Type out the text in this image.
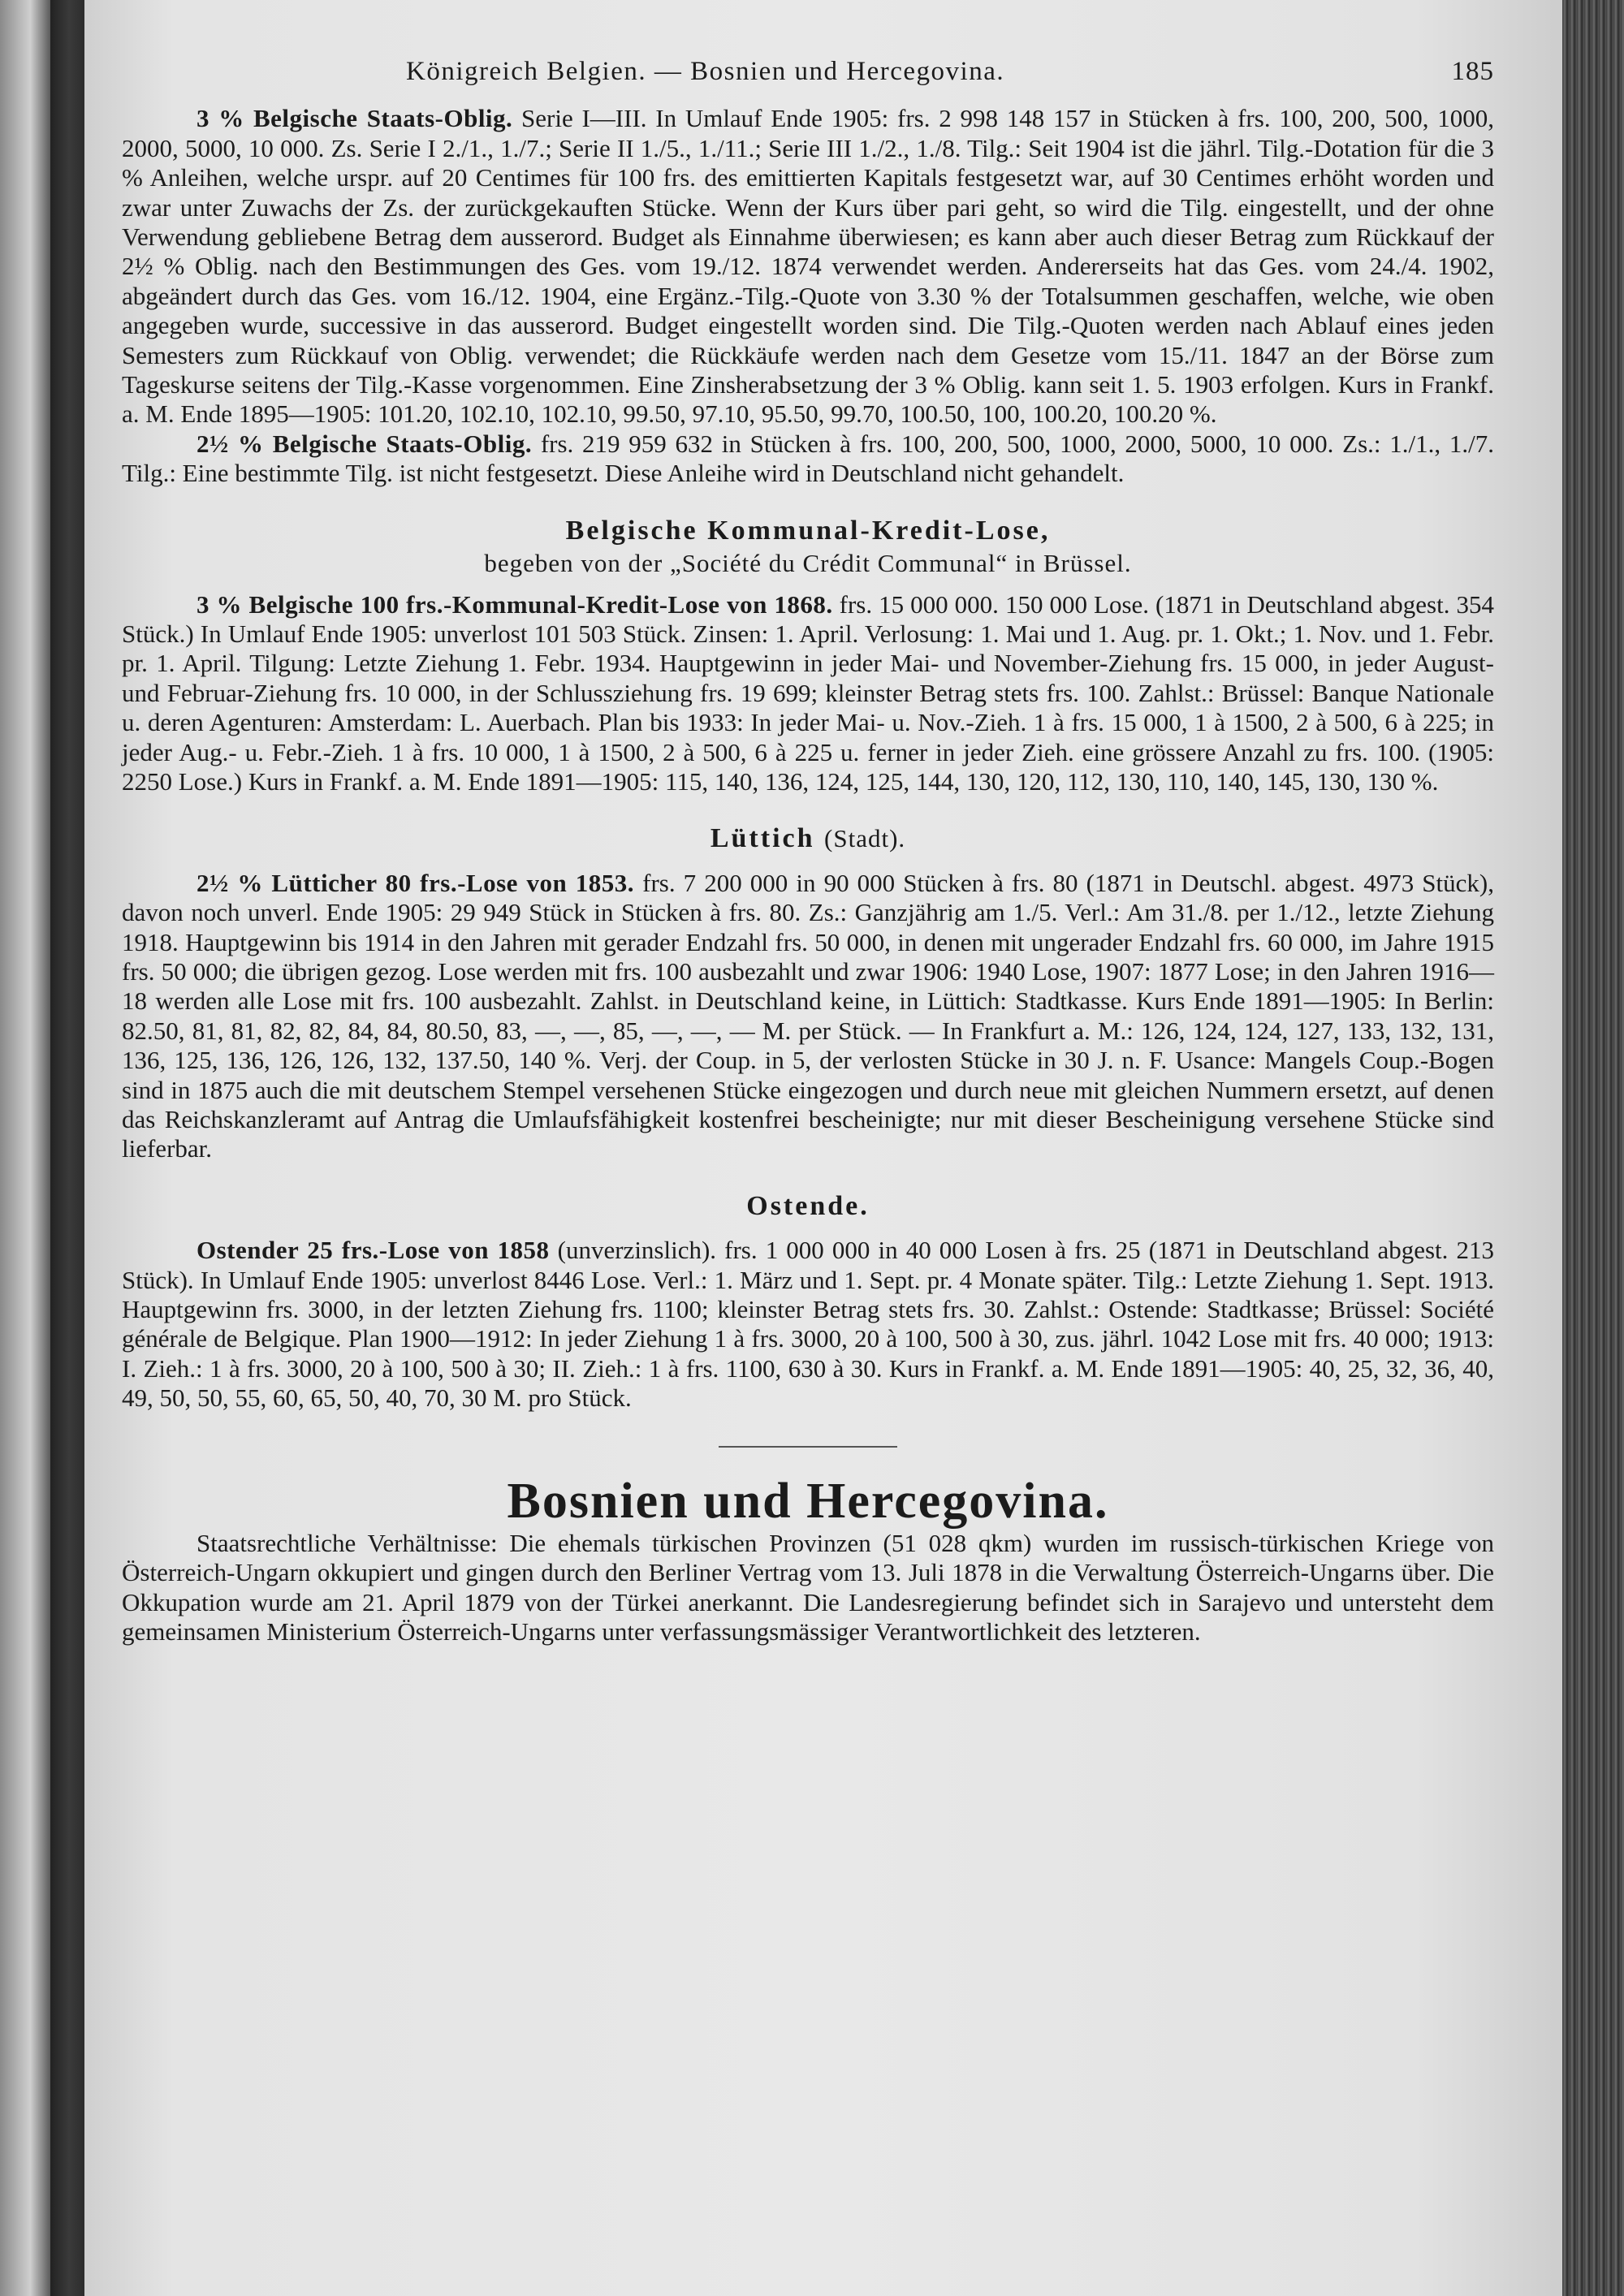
Königreich Belgien. — Bosnien und Hercegovina.	185

3 % Belgische Staats-Oblig. Serie I—III. In Umlauf Ende 1905: frs. 2 998 148 157 in Stücken à frs. 100, 200, 500, 1000, 2000, 5000, 10 000. Zs. Serie I 2./1., 1./7.; Serie II 1./5., 1./11.; Serie III 1./2., 1./8. Tilg.: Seit 1904 ist die jährl. Tilg.-Dotation für die 3 % Anleihen, welche urspr. auf 20 Centimes für 100 frs. des emittierten Kapitals festgesetzt war, auf 30 Centimes erhöht worden und zwar unter Zuwachs der Zs. der zurückgekauften Stücke. Wenn der Kurs über pari geht, so wird die Tilg. eingestellt, und der ohne Verwendung gebliebene Betrag dem ausserord. Budget als Einnahme überwiesen; es kann aber auch dieser Betrag zum Rückkauf der 2½ % Oblig. nach den Bestimmungen des Ges. vom 19./12. 1874 verwendet werden. Andererseits hat das Ges. vom 24./4. 1902, abgeändert durch das Ges. vom 16./12. 1904, eine Ergänz.-Tilg.-Quote von 3.30 % der Totalsummen geschaffen, welche, wie oben angegeben wurde, successive in das ausserord. Budget eingestellt worden sind. Die Tilg.-Quoten werden nach Ablauf eines jeden Semesters zum Rückkauf von Oblig. verwendet; die Rückkäufe werden nach dem Gesetze vom 15./11. 1847 an der Börse zum Tageskurse seitens der Tilg.-Kasse vorgenommen. Eine Zinsherabsetzung der 3 % Oblig. kann seit 1. 5. 1903 erfolgen. Kurs in Frankf. a. M. Ende 1895—1905: 101.20, 102.10, 102.10, 99.50, 97.10, 95.50, 99.70, 100.50, 100, 100.20, 100.20 %.

2½ % Belgische Staats-Oblig. frs. 219 959 632 in Stücken à frs. 100, 200, 500, 1000, 2000, 5000, 10 000. Zs.: 1./1., 1./7. Tilg.: Eine bestimmte Tilg. ist nicht festgesetzt. Diese Anleihe wird in Deutschland nicht gehandelt.

Belgische Kommunal-Kredit-Lose,
begeben von der „Société du Crédit Communal“ in Brüssel.

3 % Belgische 100 frs.-Kommunal-Kredit-Lose von 1868. frs. 15 000 000. 150 000 Lose. (1871 in Deutschland abgest. 354 Stück.) In Umlauf Ende 1905: unverlost 101 503 Stück. Zinsen: 1. April. Verlosung: 1. Mai und 1. Aug. pr. 1. Okt.; 1. Nov. und 1. Febr. pr. 1. April. Tilgung: Letzte Ziehung 1. Febr. 1934. Hauptgewinn in jeder Mai- und November-Ziehung frs. 15 000, in jeder August- und Februar-Ziehung frs. 10 000, in der Schlussziehung frs. 19 699; kleinster Betrag stets frs. 100. Zahlst.: Brüssel: Banque Nationale u. deren Agenturen: Amsterdam: L. Auerbach. Plan bis 1933: In jeder Mai- u. Nov.-Zieh. 1 à frs. 15 000, 1 à 1500, 2 à 500, 6 à 225; in jeder Aug.- u. Febr.-Zieh. 1 à frs. 10 000, 1 à 1500, 2 à 500, 6 à 225 u. ferner in jeder Zieh. eine grössere Anzahl zu frs. 100. (1905: 2250 Lose.) Kurs in Frankf. a. M. Ende 1891—1905: 115, 140, 136, 124, 125, 144, 130, 120, 112, 130, 110, 140, 145, 130, 130 %.

Lüttich (Stadt).

2½ % Lütticher 80 frs.-Lose von 1853. frs. 7 200 000 in 90 000 Stücken à frs. 80 (1871 in Deutschl. abgest. 4973 Stück), davon noch unverl. Ende 1905: 29 949 Stück in Stücken à frs. 80. Zs.: Ganzjährig am 1./5. Verl.: Am 31./8. per 1./12., letzte Ziehung 1918. Hauptgewinn bis 1914 in den Jahren mit gerader Endzahl frs. 50 000, in denen mit ungerader Endzahl frs. 60 000, im Jahre 1915 frs. 50 000; die übrigen gezog. Lose werden mit frs. 100 ausbezahlt und zwar 1906: 1940 Lose, 1907: 1877 Lose; in den Jahren 1916—18 werden alle Lose mit frs. 100 ausbezahlt. Zahlst. in Deutschland keine, in Lüttich: Stadtkasse. Kurs Ende 1891—1905: In Berlin: 82.50, 81, 81, 82, 82, 84, 84, 80.50, 83, —, —, 85, —, —, — M. per Stück. — In Frankfurt a. M.: 126, 124, 124, 127, 133, 132, 131, 136, 125, 136, 126, 126, 132, 137.50, 140 %. Verj. der Coup. in 5, der verlosten Stücke in 30 J. n. F. Usance: Mangels Coup.-Bogen sind in 1875 auch die mit deutschem Stempel versehenen Stücke eingezogen und durch neue mit gleichen Nummern ersetzt, auf denen das Reichskanzleramt auf Antrag die Umlaufsfähigkeit kostenfrei bescheinigte; nur mit dieser Bescheinigung versehene Stücke sind lieferbar.

Ostende.

Ostender 25 frs.-Lose von 1858 (unverzinslich). frs. 1 000 000 in 40 000 Losen à frs. 25 (1871 in Deutschland abgest. 213 Stück). In Umlauf Ende 1905: unverlost 8446 Lose. Verl.: 1. März und 1. Sept. pr. 4 Monate später. Tilg.: Letzte Ziehung 1. Sept. 1913. Hauptgewinn frs. 3000, in der letzten Ziehung frs. 1100; kleinster Betrag stets frs. 30. Zahlst.: Ostende: Stadtkasse; Brüssel: Société générale de Belgique. Plan 1900—1912: In jeder Ziehung 1 à frs. 3000, 20 à 100, 500 à 30, zus. jährl. 1042 Lose mit frs. 40 000; 1913: I. Zieh.: 1 à frs. 3000, 20 à 100, 500 à 30; II. Zieh.: 1 à frs. 1100, 630 à 30. Kurs in Frankf. a. M. Ende 1891—1905: 40, 25, 32, 36, 40, 49, 50, 50, 55, 60, 65, 50, 40, 70, 30 M. pro Stück.

Bosnien und Hercegovina.

Staatsrechtliche Verhältnisse: Die ehemals türkischen Provinzen (51 028 qkm) wurden im russisch-türkischen Kriege von Österreich-Ungarn okkupiert und gingen durch den Berliner Vertrag vom 13. Juli 1878 in die Verwaltung Österreich-Ungarns über. Die Okkupation wurde am 21. April 1879 von der Türkei anerkannt. Die Landesregierung befindet sich in Sarajevo und untersteht dem gemeinsamen Ministerium Österreich-Ungarns unter verfassungsmässiger Verantwortlichkeit des letzteren.
